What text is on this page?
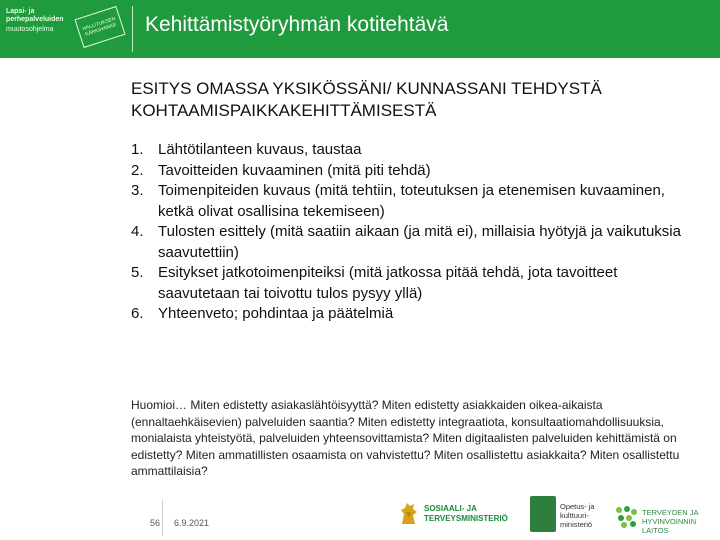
Lapsi- ja
perhepalveluiden
muutosohjelma	HALLITUKSEN KÄRKIHANKE	Kehittämistyöryhmän kotitehtävä
ESITYS OMASSA YKSIKÖSSÄNI/ KUNNASSANI TEHDYSTÄ KOHTAAMISPAIKKAKEHITTÄMISESTÄ
1. Lähtötilanteen kuvaus, taustaa
2. Tavoitteiden kuvaaminen (mitä piti tehdä)
3. Toimenpiteiden kuvaus (mitä tehtiin, toteutuksen ja etenemisen kuvaaminen, ketkä olivat osallisina tekemiseen)
4. Tulosten esittely (mitä saatiin aikaan (ja mitä ei), millaisia hyötyjä ja vaikutuksia saavutettiin)
5. Esitykset jatkotoimenpiteiksi (mitä jatkossa pitää tehdä, jota tavoitteet saavutetaan tai toivottu tulos pysyy yllä)
6. Yhteenveto; pohdintaa ja päätelmiä

Huomioi… Miten edistetty asiakaslähtöisyyttä? Miten edistetty asiakkaiden oikea-aikaista (ennaltaehkäisevien) palveluiden saantia? Miten edistetty integraatiota, konsultaatiomahdollisuuksia, monialaista yhteistyötä, palveluiden yhteensovittamista? Miten digitaalisten palveluiden kehittämistä on edistetty? Miten ammatillisten osaamista on vahvistettu? Miten osallistettu asiakkaita? Miten osallistettu ammattilaisia?

56 6.9.2021
SOSIAALI- JA
TERVEYSMINISTERIÖ
Opetus- ja
kulttuuri-
ministeriö
TERVEYDEN JA
HYVINVOINNIN LAITOS
